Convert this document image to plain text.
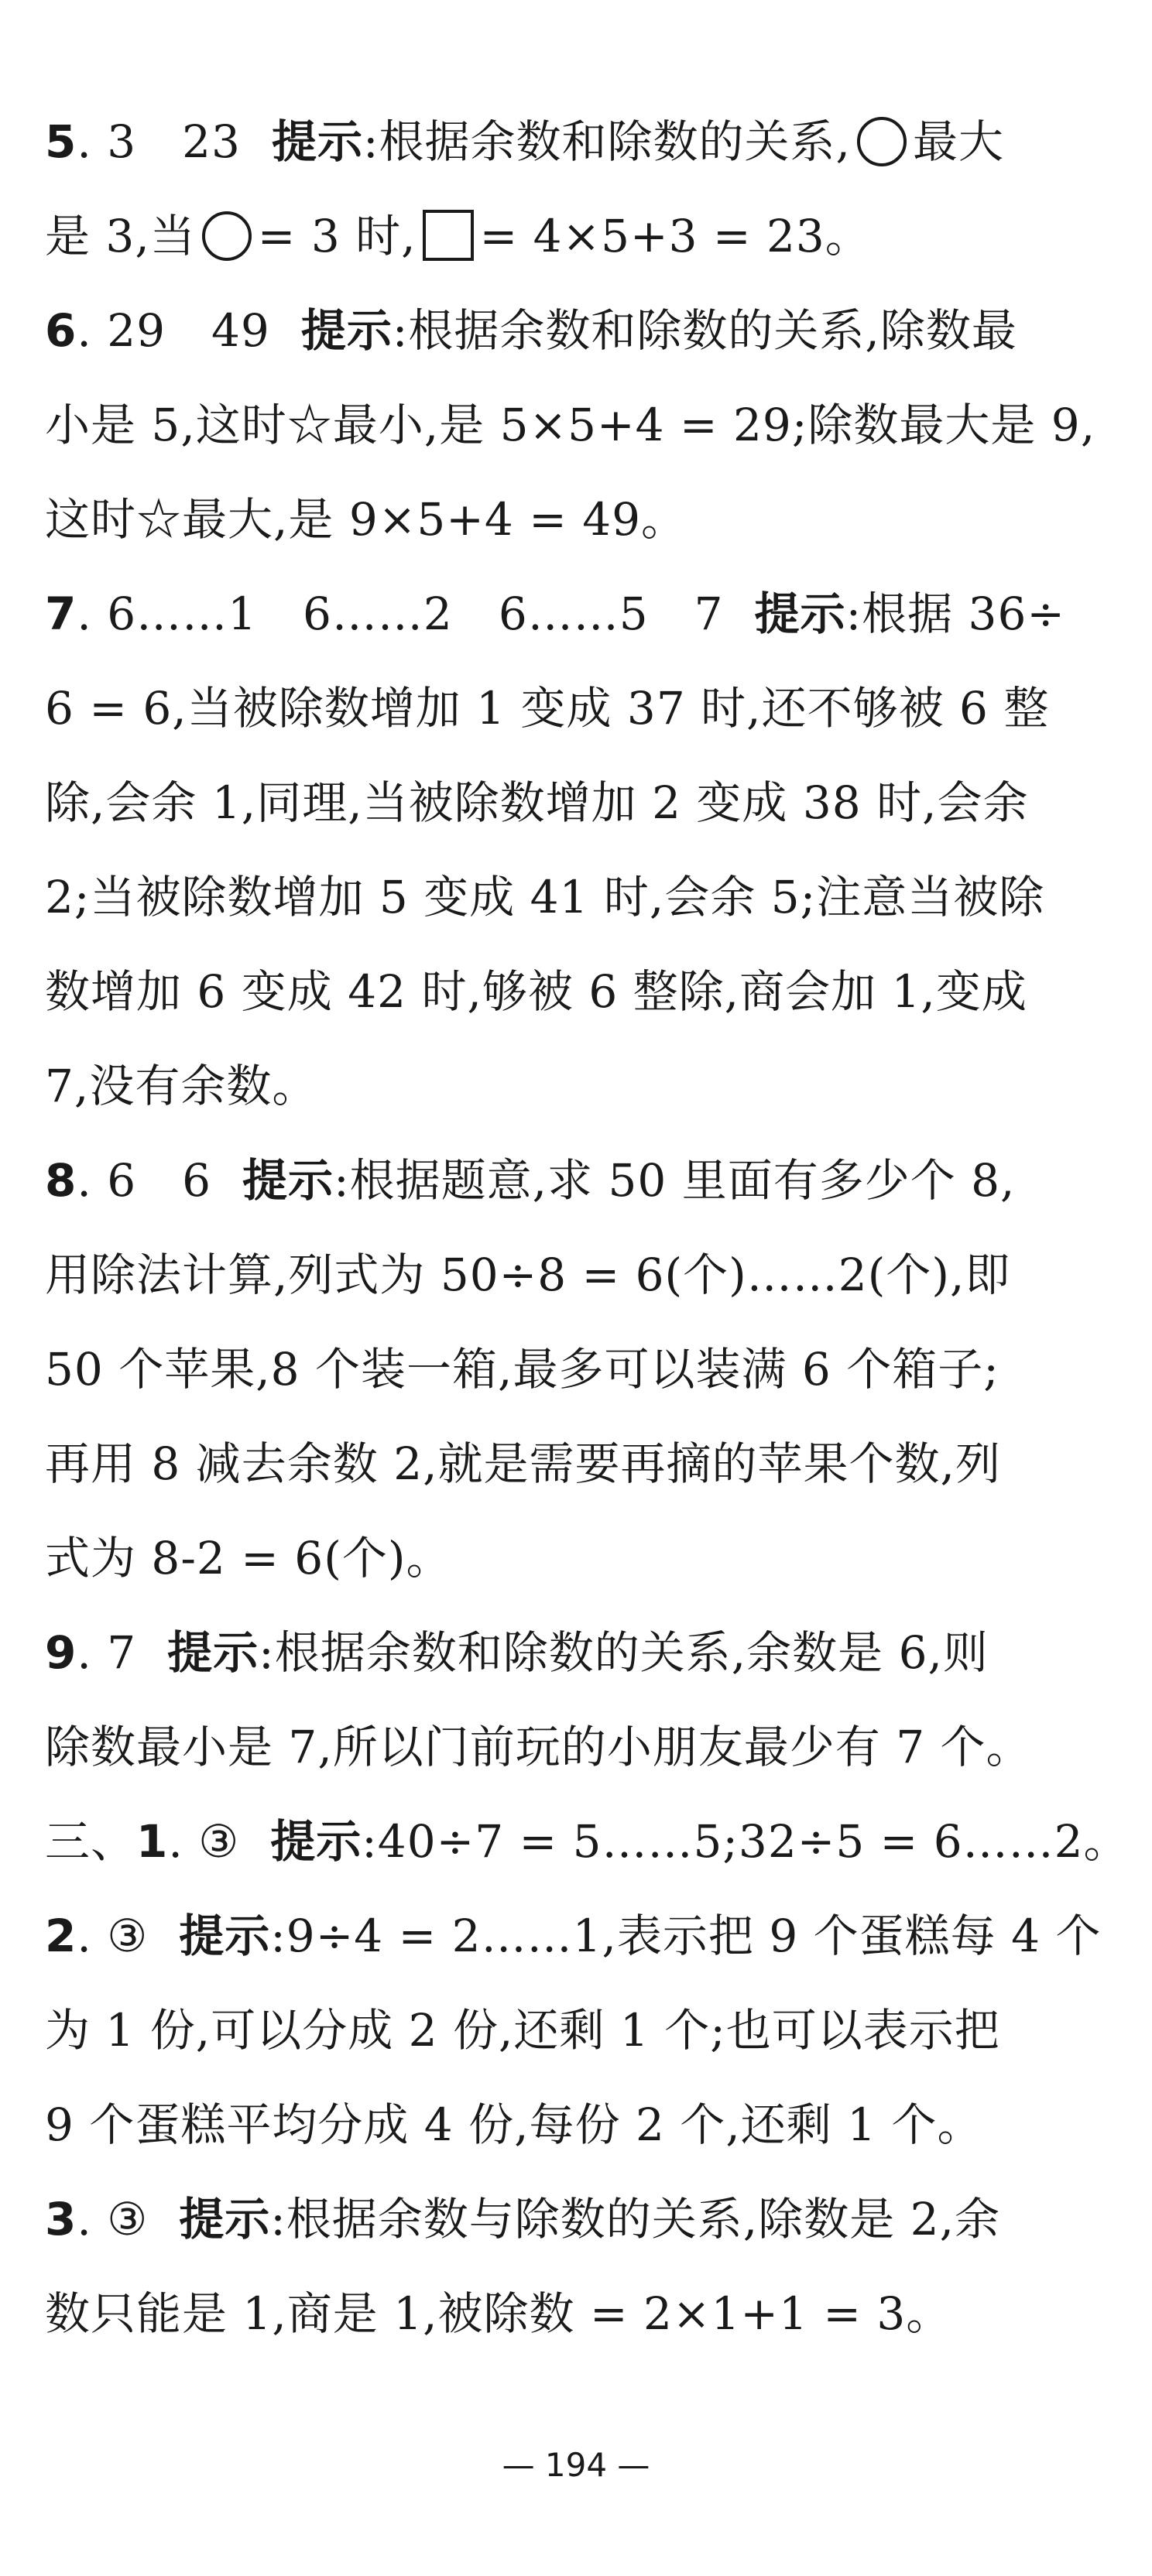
5. 3　23 提示:根据余数和除数的关系, 最大
是 3,当 = 3 时, = 4×5+3 = 23。
6. 29　49 提示:根据余数和除数的关系,除数最
小是 5,这时☆最小,是 5×5+4 = 29;除数最大是 9,
这时☆最大,是 9×5+4 = 49。
7. 6……1　6……2　6……5　7 提示:根据 36÷
6 = 6,当被除数增加 1 变成 37 时,还不够被 6 整
除,会余 1,同理,当被除数增加 2 变成 38 时,会余
2;当被除数增加 5 变成 41 时,会余 5;注意当被除
数增加 6 变成 42 时,够被 6 整除,商会加 1,变成
7,没有余数。
8. 6　6 提示:根据题意,求 50 里面有多少个 8,
用除法计算,列式为 50÷8 = 6(个)……2(个),即
50 个苹果,8 个装一箱,最多可以装满 6 个箱子;
再用 8 减去余数 2,就是需要再摘的苹果个数,列
式为 8-2 = 6(个)。
9. 7 提示:根据余数和除数的关系,余数是 6,则
除数最小是 7,所以门前玩的小朋友最少有 7 个。
三、1. ③ 提示:40÷7 = 5……5;32÷5 = 6……2。
2. ③ 提示:9÷4 = 2……1,表示把 9 个蛋糕每 4 个
为 1 份,可以分成 2 份,还剩 1 个;也可以表示把
9 个蛋糕平均分成 4 份,每份 2 个,还剩 1 个。
3. ③ 提示:根据余数与除数的关系,除数是 2,余
数只能是 1,商是 1,被除数 = 2×1+1 = 3。
— 194 —
